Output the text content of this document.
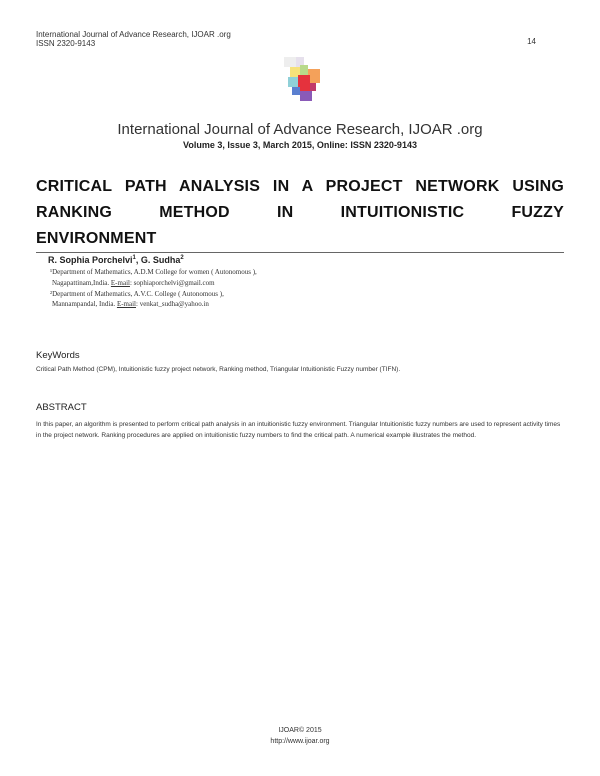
International Journal of Advance Research, IJOAR .org
ISSN 2320-9143	14
International Journal of Advance Research, IJOAR .org
Volume 3, Issue 3, March 2015, Online: ISSN 2320-9143
CRITICAL PATH ANALYSIS IN A PROJECT NETWORK USING
RANKING METHOD IN INTUITIONISTIC FUZZY
ENVIRONMENT
R. Sophia Porchelvi$^1$, G. Sudha$^2$
¹Department of Mathematics, A.D.M College for women ( Autonomous ),
Nagapattinam,India. E-mail: sophiaporchelvi@gmail.com
²Department of Mathematics, A.V.C. College ( Autonomous ),
Mannampandal, India. E-mail: venkat_sudha@yahoo.in
KeyWords
Critical Path Method (CPM), Intuitionistic fuzzy project network, Ranking method, Triangular Intuitionistic Fuzzy number (TIFN).
ABSTRACT
In this paper, an algorithm is presented to perform critical path analysis in an intuitionistic fuzzy environment. Triangular Intuitionistic fuzzy numbers are used to represent activity times in the project network. Ranking procedures are applied on intuitionistic fuzzy numbers to find the critical path. A numerical example illustrates the method.
IJOAR© 2015
http://www.ijoar.org
